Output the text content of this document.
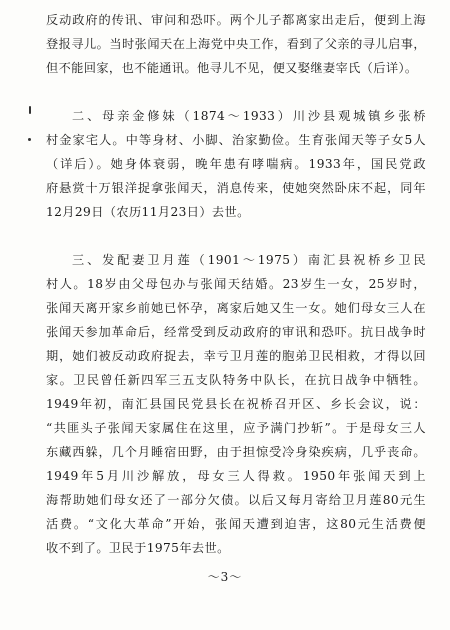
反动政府的传讯、审问和恐吓。两个儿子都离家出走后，便到上海
登报寻儿。当时张闻天在上海党中央工作，看到了父亲的寻儿启事，
但不能回家，也不能通讯。他寻儿不见，便又娶继妻宰氏（后详）。
二、母亲金修妹（1874～1933）川沙县观城镇乡张桥
村金家宅人。中等身材、小脚、治家勤俭。生育张闻天等子女5人
（详后）。她身体衰弱，晚年患有哮喘病。1933年，国民党政
府悬赏十万银洋捉拿张闻天，消息传来，使她突然卧床不起，同年
12月29日（农历11月23日）去世。
三、发配妻卫月莲（1901～1975）南汇县祝桥乡卫民
村人。18岁由父母包办与张闻天结婚。23岁生一女，25岁时，
张闻天离开家乡前她已怀孕，离家后她又生一女。她们母女三人在
张闻天参加革命后，经常受到反动政府的审讯和恐吓。抗日战争时
期，她们被反动政府捉去，幸亏卫月莲的胞弟卫民相救，才得以回
家。卫民曾任新四军三五支队特务中队长，在抗日战争中牺牲。
1949年初，南汇县国民党县长在祝桥召开区、乡长会议，说：
“共匪头子张闻天家属住在这里，应予满门抄斩”。于是母女三人
东藏西躲，几个月睡宿田野，由于担惊受冷身染疾病，几乎丧命。
1949年5月川沙解放，母女三人得救。1950年张闻天到上
海帮助她们母女还了一部分欠债。以后又每月寄给卫月莲80元生
活费。“文化大革命”开始，张闻天遭到迫害，这80元生活费便
收不到了。卫民于1975年去世。
～3～
